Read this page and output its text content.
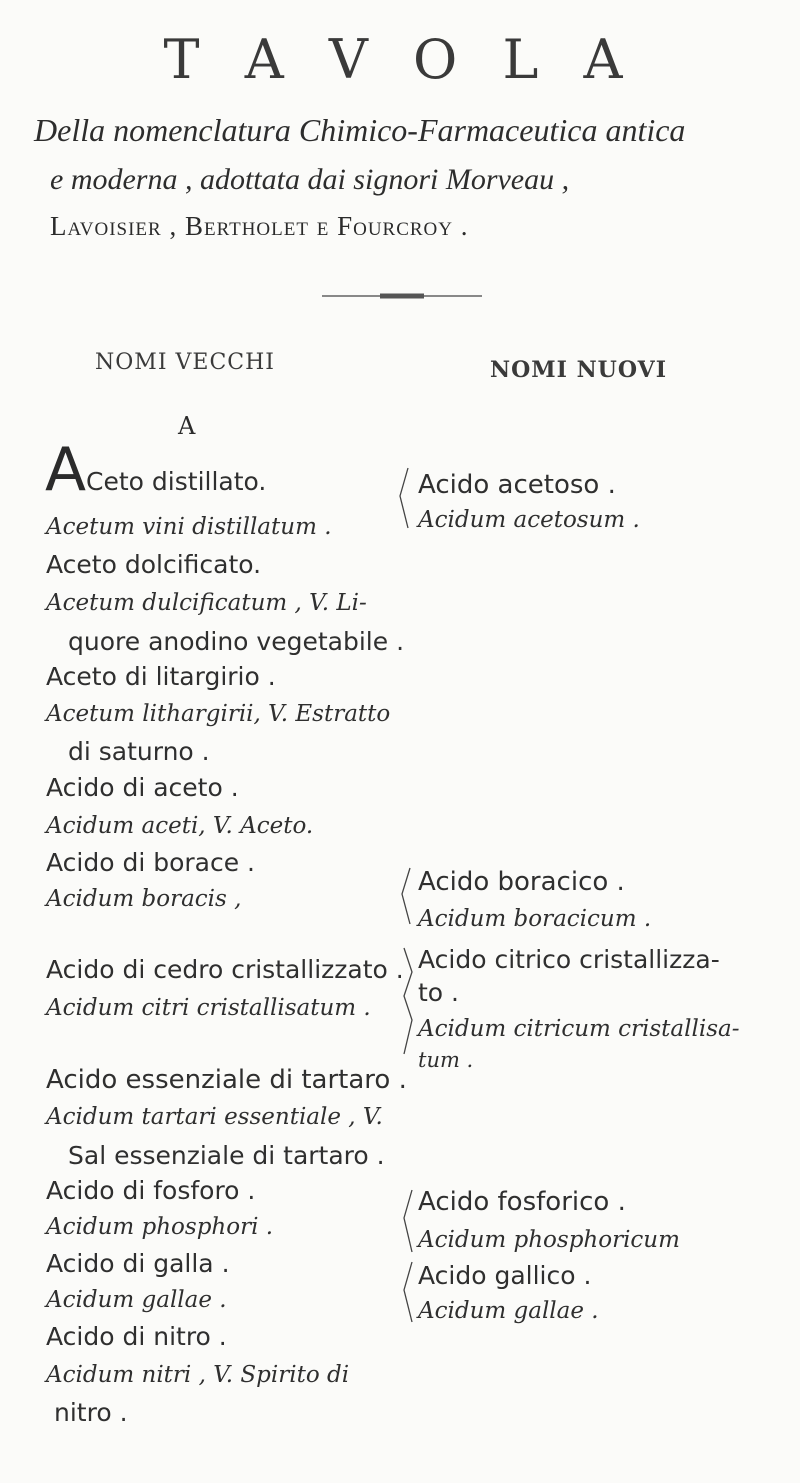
T A V O L A
Della nomenclatura Chimico-Farmaceutica antica
e moderna , adottata dai signori Morveau ,
Lavoisier , Bertholet e Fourcroy .
NOMI VECCHI	NOMI NUOVI
A
ACeto distillato.
Acetum vini distillatum .
Aceto dolcificato.
Acetum dulcificatum , V. Li-
quore anodino vegetabile .
Aceto di litargirio .
Acetum lithargirii, V. Estratto
di saturno .
Acido di aceto .
Acidum aceti, V. Aceto.
Acido di borace .
Acidum boracis ,
Acido di cedro cristallizzato .
Acidum citri cristallisatum .
Acido essenziale di tartaro .
Acidum tartari essentiale , V.
Sal essenziale di tartaro .
Acido di fosforo .
Acidum phosphori .
Acido di galla .
Acidum gallae .
Acido di nitro .
Acidum nitri , V. Spirito di
nitro .
Acido acetoso .
Acidum acetosum .
Acido boracico .
Acidum boracicum .
Acido citrico cristallizza-
to .
Acidum citricum cristallisa-
tum .
Acido fosforico .
Acidum phosphoricum
Acido gallico .
Acidum gallae .
